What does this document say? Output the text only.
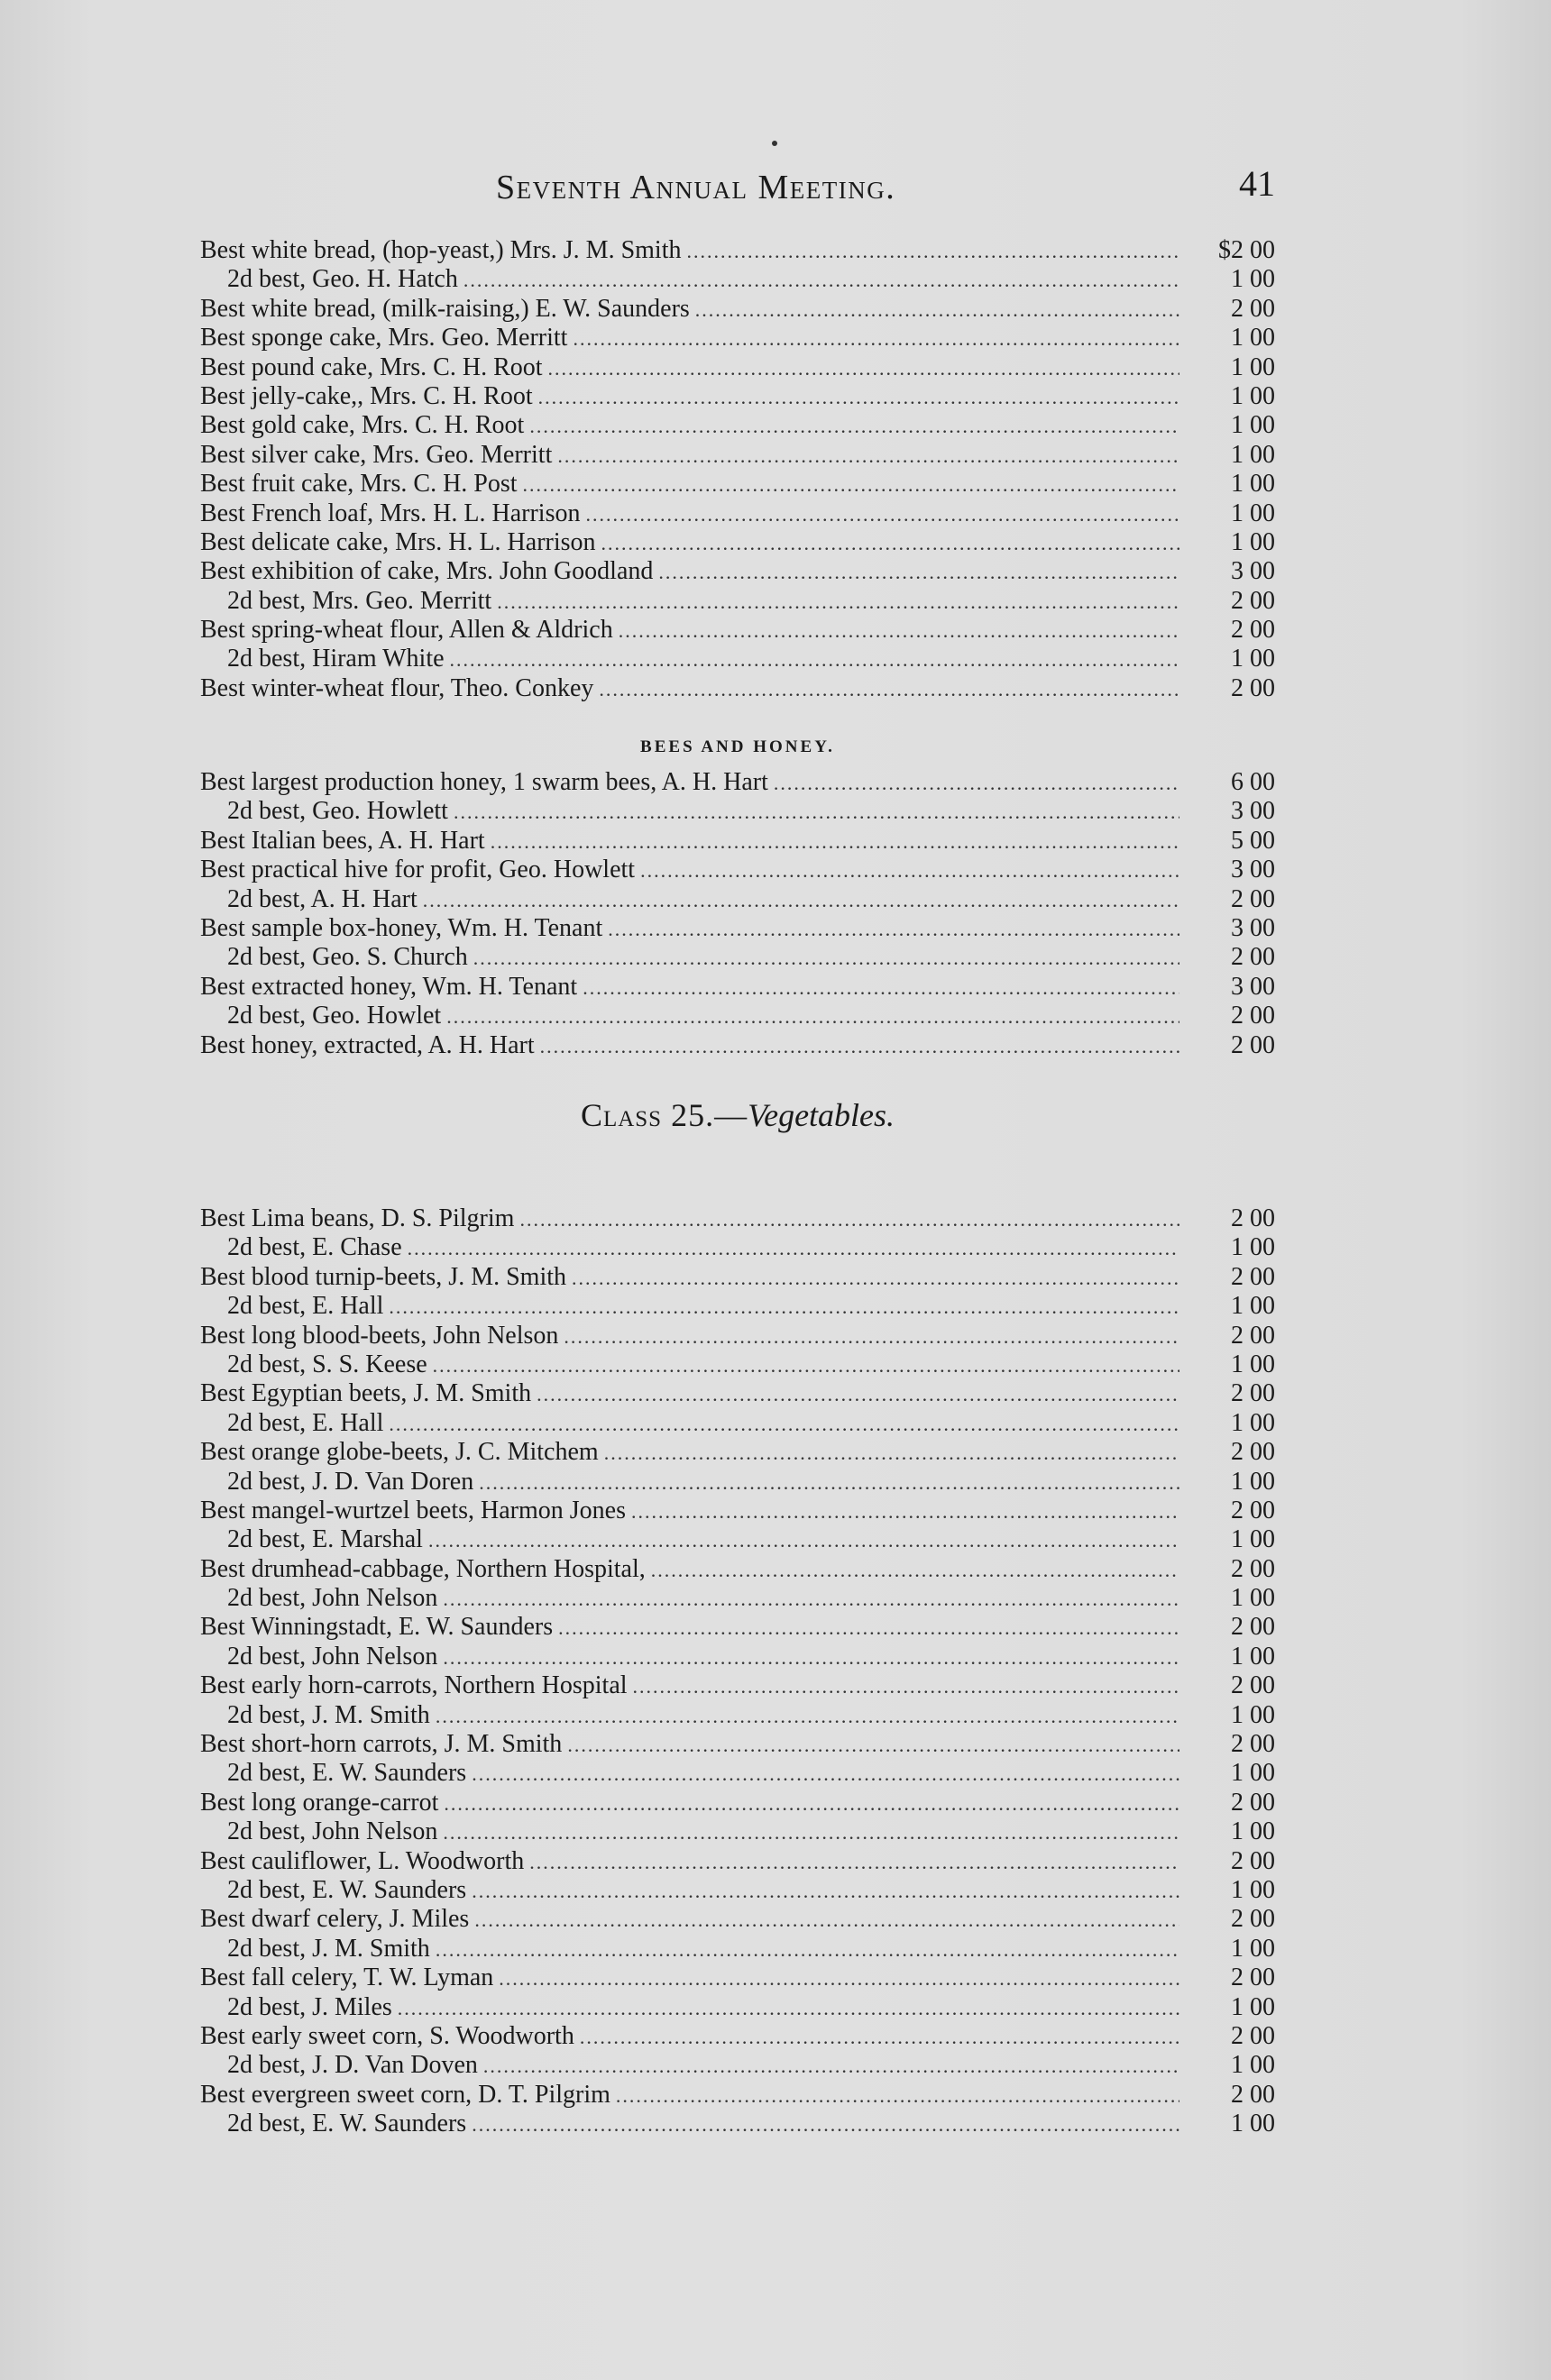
Seventh Annual Meeting.	41
Best white bread, (hop-yeast,) Mrs. J. M. Smith .....	$2 00
2d best, Geo. H. Hatch .....	1 00
Best white bread, (milk-raising,) E. W. Saunders .....	2 00
Best sponge cake, Mrs. Geo. Merritt .....	1 00
Best pound cake, Mrs. C. H. Root .....	1 00
Best jelly-cake,, Mrs. C. H. Root .....	1 00
Best gold cake, Mrs. C. H. Root .....	1 00
Best silver cake, Mrs. Geo. Merritt .....	1 00
Best fruit cake, Mrs. C. H. Post .....	1 00
Best French loaf, Mrs. H. L. Harrison .....	1 00
Best delicate cake, Mrs. H. L. Harrison .....	1 00
Best exhibition of cake, Mrs. John Goodland .....	3 00
2d best, Mrs. Geo. Merritt .....	2 00
Best spring-wheat flour, Allen & Aldrich .....	2 00
2d best, Hiram White .....	1 00
Best winter-wheat flour, Theo. Conkey .....	2 00
BEES AND HONEY.
Best largest production honey, 1 swarm bees, A. H. Hart .....	6 00
2d best, Geo. Howlett .....	3 00
Best Italian bees, A. H. Hart .....	5 00
Best practical hive for profit, Geo. Howlett .....	3 00
2d best, A. H. Hart .....	2 00
Best sample box-honey, Wm. H. Tenant .....	3 00
2d best, Geo. S. Church .....	2 00
Best extracted honey, Wm. H. Tenant .....	3 00
2d best, Geo. Howlet .....	2 00
Best honey, extracted, A. H. Hart .....	2 00
Class 25.—Vegetables.
Best Lima beans, D. S. Pilgrim .....	2 00
2d best, E. Chase .....	1 00
Best blood turnip-beets, J. M. Smith .....	2 00
2d best, E. Hall .....	1 00
Best long blood-beets, John Nelson .....	2 00
2d best, S. S. Keese .....	1 00
Best Egyptian beets, J. M. Smith .....	2 00
2d best, E. Hall .....	1 00
Best orange globe-beets, J. C. Mitchem .....	2 00
2d best, J. D. Van Doren .....	1 00
Best mangel-wurtzel beets, Harmon Jones .....	2 00
2d best, E. Marshal .....	1 00
Best drumhead-cabbage, Northern Hospital, .....	2 00
2d best, John Nelson .....	1 00
Best Winningstadt, E. W. Saunders .....	2 00
2d best, John Nelson .....	1 00
Best early horn-carrots, Northern Hospital .....	2 00
2d best, J. M. Smith .....	1 00
Best short-horn carrots, J. M. Smith .....	2 00
2d best, E. W. Saunders .....	1 00
Best long orange-carrot .....	2 00
2d best, John Nelson .....	1 00
Best cauliflower, L. Woodworth .....	2 00
2d best, E. W. Saunders .....	1 00
Best dwarf celery, J. Miles .....	2 00
2d best, J. M. Smith .....	1 00
Best fall celery, T. W. Lyman .....	2 00
2d best, J. Miles .....	1 00
Best early sweet corn, S. Woodworth .....	2 00
2d best, J. D. Van Doven .....	1 00
Best evergreen sweet corn, D. T. Pilgrim .....	2 00
2d best, E. W. Saunders .....	1 00
